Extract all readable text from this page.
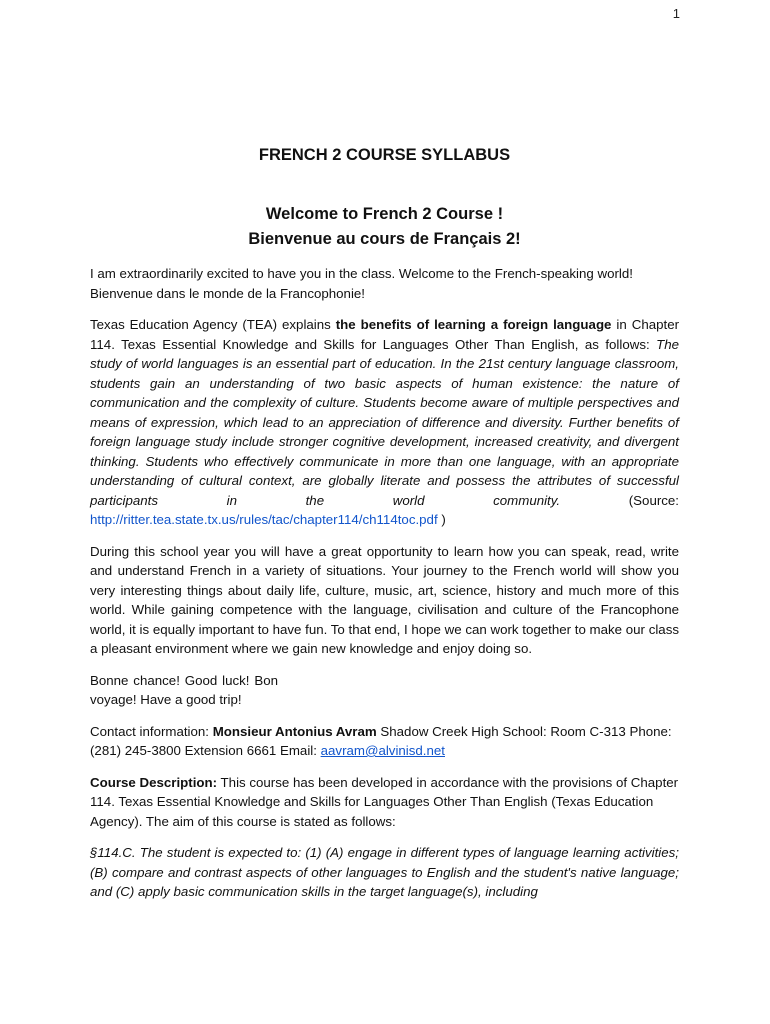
1
FRENCH 2 COURSE SYLLABUS
Welcome to French 2 Course !
Bienvenue au cours de Français 2!

I am extraordinarily excited to have you in the class. Welcome to the French-speaking world!
Bienvenue dans le monde de la Francophonie!

Texas Education Agency (TEA) explains the benefits of learning a foreign language in Chapter 114. Texas Essential Knowledge and Skills for Languages Other Than English, as follows: The study of world languages is an essential part of education. In the 21st century language classroom, students gain an understanding of two basic aspects of human existence: the nature of communication and the complexity of culture. Students become aware of multiple perspectives and means of expression, which lead to an appreciation of difference and diversity. Further benefits of foreign language study include stronger cognitive development, increased creativity, and divergent thinking. Students who effectively communicate in more than one language, with an appropriate understanding of cultural context, are globally literate and possess the attributes of successful participants in the world community. (Source: http://ritter.tea.state.tx.us/rules/tac/chapter114/ch114toc.pdf )

During this school year you will have a great opportunity to learn how you can speak, read, write and understand French in a variety of situations. Your journey to the French world will show you very interesting things about daily life, culture, music, art, science, history and much more of this world. While gaining competence with the language, civilisation and culture of the Francophone world, it is equally important to have fun. To that end, I hope we can work together to make our class a pleasant environment where we gain new knowledge and enjoy doing so.

Bonne chance! Good luck! Bon voyage! Have a good trip!

Contact information: Monsieur Antonius Avram Shadow Creek High School: Room C-313 Phone: (281) 245-3800 Extension 6661 Email: aavram@alvinisd.net

Course Description: This course has been developed in accordance with the provisions of Chapter 114. Texas Essential Knowledge and Skills for Languages Other Than English (Texas Education Agency). The aim of this course is stated as follows:

§114.C. The student is expected to: (1) (A) engage in different types of language learning activities; (B) compare and contrast aspects of other languages to English and the student's native language; and (C) apply basic communication skills in the target language(s), including
